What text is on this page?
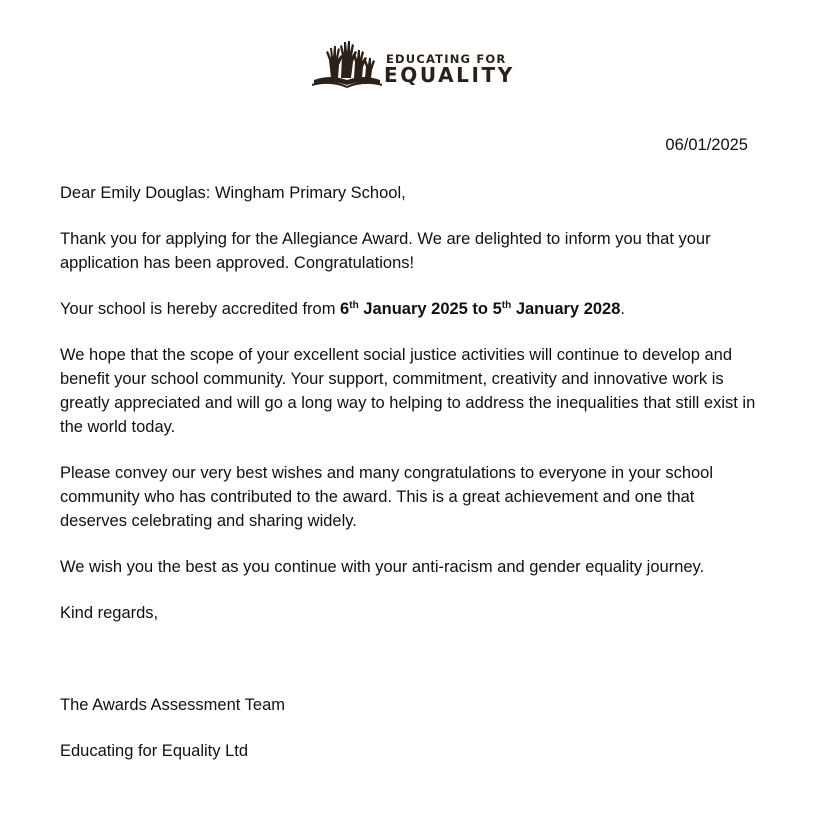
EDUCATING FOR
EQUALITY
06/01/2025

Dear Emily Douglas: Wingham Primary School,

Thank you for applying for the Allegiance Award. We are delighted to inform you that your application has been approved. Congratulations!

Your school is hereby accredited from 6th January 2025 to 5th January 2028.

We hope that the scope of your excellent social justice activities will continue to develop and benefit your school community. Your support, commitment, creativity and innovative work is greatly appreciated and will go a long way to helping to address the inequalities that still exist in the world today.

Please convey our very best wishes and many congratulations to everyone in your school community who has contributed to the award. This is a great achievement and one that deserves celebrating and sharing widely.

We wish you the best as you continue with your anti-racism and gender equality journey.

Kind regards,

The Awards Assessment Team

Educating for Equality Ltd
